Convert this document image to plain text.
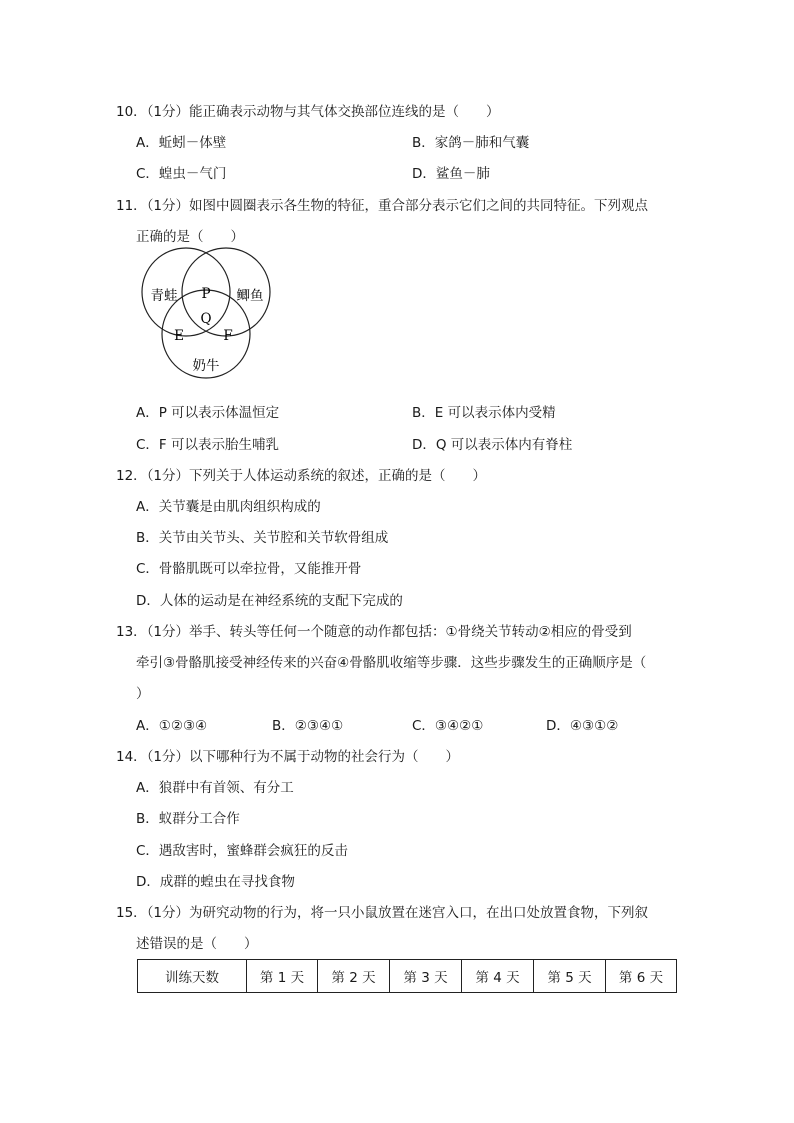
10．（1分）能正确表示动物与其气体交换部位连线的是（　　）
A．蚯蚓－体壁	B．家鸽－肺和气囊
C．蝗虫－气门	D．鲨鱼－肺
11．（1分）如图中圆圈表示各生物的特征，重合部分表示它们之间的共同特征。下列观点
正确的是（　　）
青蛙	鲫鱼
奶牛
P
Q
E	F
A．P 可以表示体温恒定	B．E 可以表示体内受精
C．F 可以表示胎生哺乳	D．Q 可以表示体内有脊柱
12．（1分）下列关于人体运动系统的叙述，正确的是（　　）
A．关节囊是由肌肉组织构成的
B．关节由关节头、关节腔和关节软骨组成
C．骨骼肌既可以牵拉骨，又能推开骨
D．人体的运动是在神经系统的支配下完成的
13．（1分）举手、转头等任何一个随意的动作都包括：①骨绕关节转动②相应的骨受到
牵引③骨骼肌接受神经传来的兴奋④骨骼肌收缩等步骤．这些步骤发生的正确顺序是（
）
A．①②③④	B．②③④①	C．③④②①	D．④③①②
14．（1分）以下哪种行为不属于动物的社会行为（　　）
A．狼群中有首领、有分工
B．蚁群分工合作
C．遇敌害时，蜜蜂群会疯狂的反击
D．成群的蝗虫在寻找食物
15．（1分）为研究动物的行为，将一只小鼠放置在迷宫入口，在出口处放置食物，下列叙
述错误的是（　　）
训练天数	第 1 天	第 2 天	第 3 天	第 4 天	第 5 天	第 6 天
